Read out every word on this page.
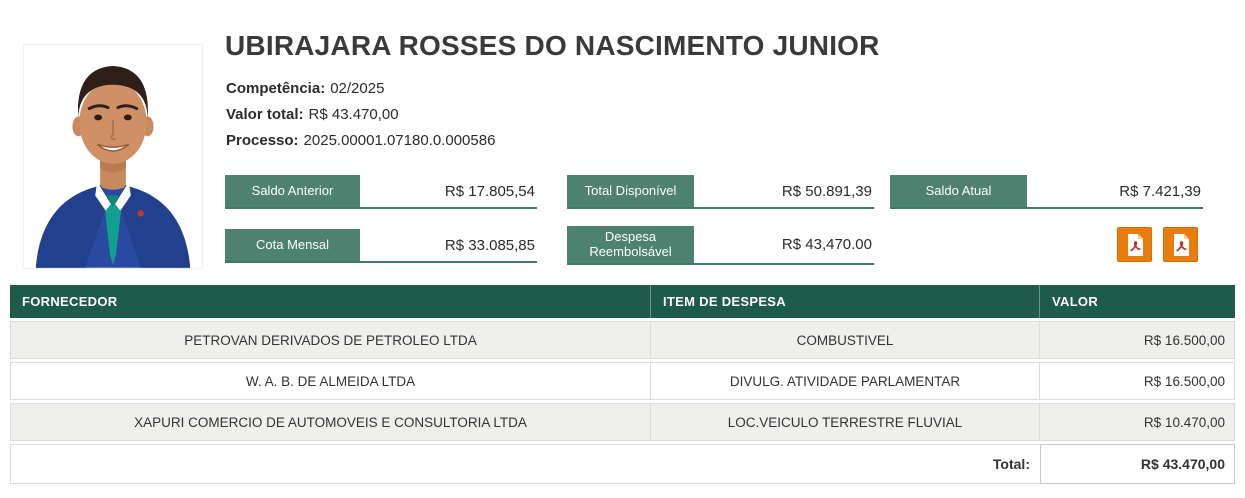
UBIRAJARA ROSSES DO NASCIMENTO JUNIOR
Competência: 02/2025
Valor total: R$ 43.470,00
Processo: 2025.00001.07180.0.000586
Saldo Anterior	R$ 17.805,54	Total Disponível	R$ 50.891,39	Saldo Atual	R$ 7.421,39
Cota Mensal	R$ 33.085,85
Despesa Reembolsável	R$ 43,470.00
FORNECEDOR	ITEM DE DESPESA	VALOR
PETROVAN DERIVADOS DE PETROLEO LTDA	COMBUSTIVEL	R$ 16.500,00
W. A. B. DE ALMEIDA LTDA	DIVULG. ATIVIDADE PARLAMENTAR	R$ 16.500,00
XAPURI COMERCIO DE AUTOMOVEIS E CONSULTORIA LTDA	LOC.VEICULO TERRESTRE FLUVIAL	R$ 10.470,00
Total:	R$ 43.470,00
